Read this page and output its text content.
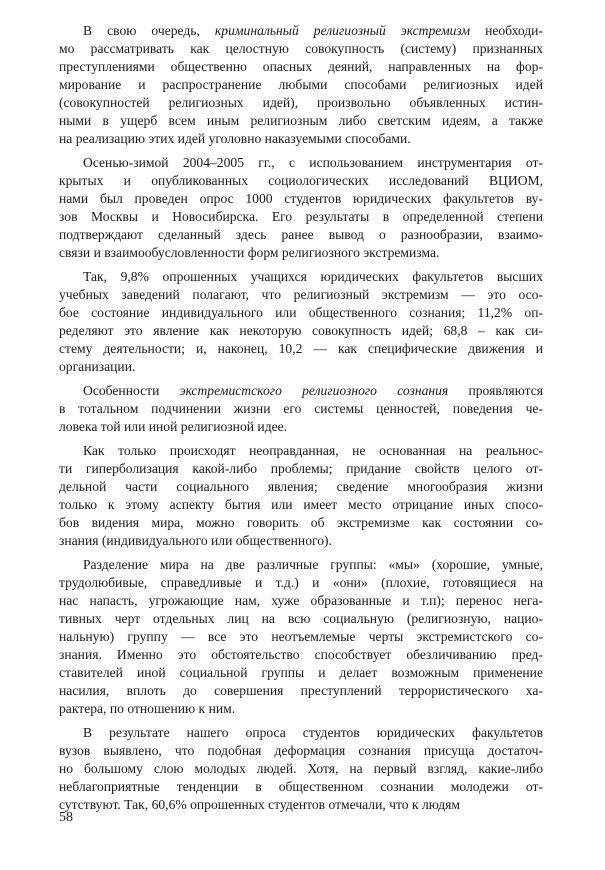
В свою очередь, криминальный религиозный экстремизм необходи-
мо рассматривать как целостную совокупность (систему) признанных
преступлениями общественно опасных деяний, направленных на фор-
мирование и распространение любыми способами религиозных идей
(совокупностей религиозных идей), произвольно объявленных истин-
ными в ущерб всем иным религиозным либо светским идеям, а также
на реализацию этих идей уголовно наказуемыми способами.
Осенью-зимой 2004–2005 гг., с использованием инструментария от-
крытых и опубликованных социологических исследований ВЦИОМ,
нами был проведен опрос 1000 студентов юридических факультетов ву-
зов Москвы и Новосибирска. Его результаты в определенной степени
подтверждают сделанный здесь ранее вывод о разнообразии, взаимо-
связи и взаимообусловленности форм религиозного экстремизма.
Так, 9,8% опрошенных учащихся юридических факультетов высших
учебных заведений полагают, что религиозный экстремизм — это осо-
бое состояние индивидуального или общественного сознания; 11,2% оп-
ределяют это явление как некоторую совокупность идей; 68,8 – как си-
стему деятельности; и, наконец, 10,2 — как специфические движения и
организации.
Особенности экстремистского религиозного сознания проявляются
в тотальном подчинении жизни его системы ценностей, поведения че-
ловека той или иной религиозной идее.
Как только происходят неоправданная, не основанная на реальнос-
ти гиперболизация какой-либо проблемы; придание свойств целого от-
дельной части социального явления; сведение многообразия жизни
только к этому аспекту бытия или имеет место отрицание иных спосо-
бов видения мира, можно говорить об экстремизме как состоянии со-
знания (индивидуального или общественного).
Разделение мира на две различные группы: «мы» (хорошие, умные,
трудолюбивые, справедливые и т.д.) и «они» (плохие, готовящиеся на
нас напасть, угрожающие нам, хуже образованные и т.п); перенос нега-
тивных черт отдельных лиц на всю социальную (религиозную, нацио-
нальную) группу — все это неотъемлемые черты экстремистского со-
знания. Именно это обстоятельство способствует обезличиванию пред-
ставителей иной социальной группы и делает возможным применение
насилия, вплоть до совершения преступлений террористического ха-
рактера, по отношению к ним.
В результате нашего опроса студентов юридических факультетов
вузов выявлено, что подобная деформация сознания присуща достаточ-
но большому слою молодых людей. Хотя, на первый взгляд, какие-либо
неблагоприятные тенденции в общественном сознании молодежи от-
сутствуют. Так, 60,6% опрошенных студентов отмечали, что к людям
58
